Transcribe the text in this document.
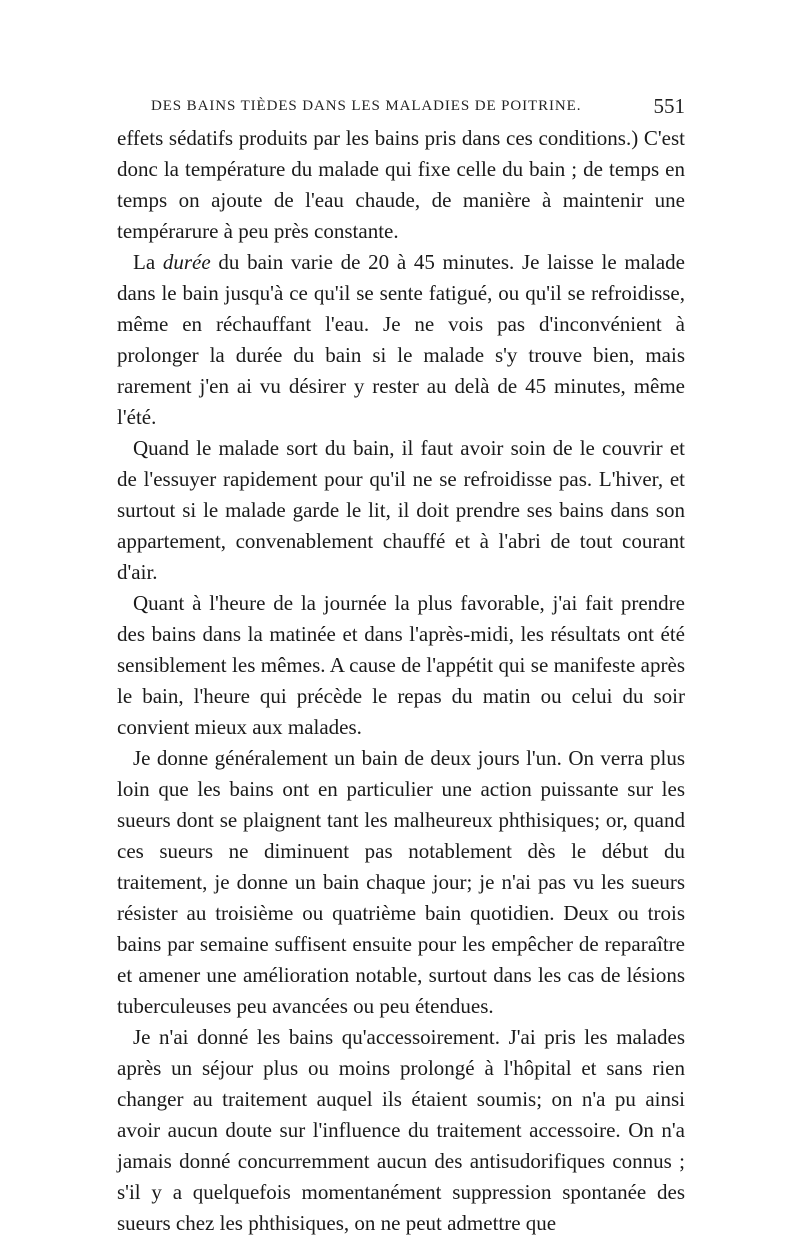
DES BAINS TIÈDES DANS LES MALADIES DE POITRINE.	551

effets sédatifs produits par les bains pris dans ces conditions.) C'est donc la température du malade qui fixe celle du bain ; de temps en temps on ajoute de l'eau chaude, de manière à maintenir une tempérarure à peu près constante.

La durée du bain varie de 20 à 45 minutes. Je laisse le malade dans le bain jusqu'à ce qu'il se sente fatigué, ou qu'il se refroidisse, même en réchauffant l'eau. Je ne vois pas d'inconvénient à prolonger la durée du bain si le malade s'y trouve bien, mais rarement j'en ai vu désirer y rester au delà de 45 minutes, même l'été.

Quand le malade sort du bain, il faut avoir soin de le couvrir et de l'essuyer rapidement pour qu'il ne se refroidisse pas. L'hiver, et surtout si le malade garde le lit, il doit prendre ses bains dans son appartement, convenablement chauffé et à l'abri de tout courant d'air.

Quant à l'heure de la journée la plus favorable, j'ai fait prendre des bains dans la matinée et dans l'après-midi, les résultats ont été sensiblement les mêmes. A cause de l'appétit qui se manifeste après le bain, l'heure qui précède le repas du matin ou celui du soir convient mieux aux malades.

Je donne généralement un bain de deux jours l'un. On verra plus loin que les bains ont en particulier une action puissante sur les sueurs dont se plaignent tant les malheureux phthisiques; or, quand ces sueurs ne diminuent pas notablement dès le début du traitement, je donne un bain chaque jour; je n'ai pas vu les sueurs résister au troisième ou quatrième bain quotidien. Deux ou trois bains par semaine suffisent ensuite pour les empêcher de reparaître et amener une amélioration notable, surtout dans les cas de lésions tuberculeuses peu avancées ou peu étendues.

Je n'ai donné les bains qu'accessoirement. J'ai pris les malades après un séjour plus ou moins prolongé à l'hôpital et sans rien changer au traitement auquel ils étaient soumis; on n'a pu ainsi avoir aucun doute sur l'influence du traitement accessoire. On n'a jamais donné concurremment aucun des antisudorifiques connus ; s'il y a quelquefois momentanément suppression spontanée des sueurs chez les phthisiques, on ne peut admettre que
